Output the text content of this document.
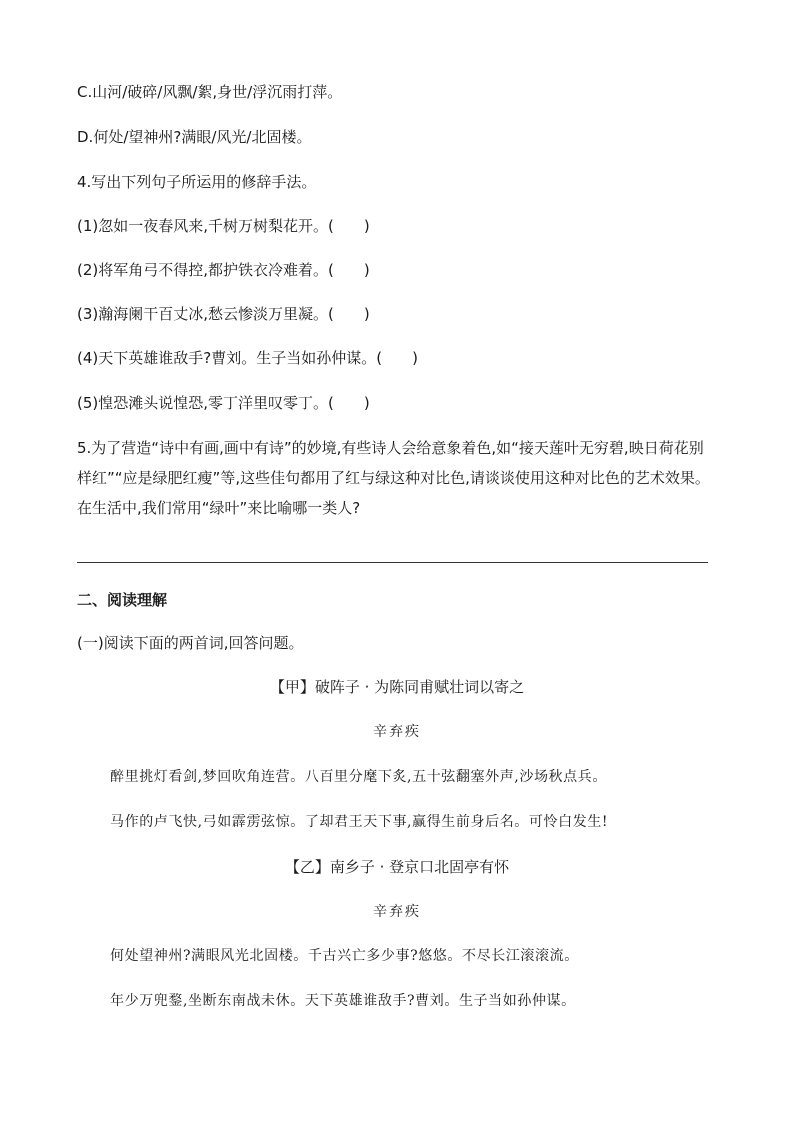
C.山河/破碎/风飘/絮,身世/浮沉雨打萍。
D.何处/望神州?满眼/风光/北固楼。
4.写出下列句子所运用的修辞手法。
(1)忽如一夜春风来,千树万树梨花开。(　　)
(2)将军角弓不得控,都护铁衣冷难着。(　　)
(3)瀚海阑干百丈冰,愁云惨淡万里凝。(　　)
(4)天下英雄谁敌手?曹刘。生子当如孙仲谋。(　　)
(5)惶恐滩头说惶恐,零丁洋里叹零丁。(　　)
5.为了营造“诗中有画,画中有诗”的妙境,有些诗人会给意象着色,如“接天莲叶无穷碧,映日荷花别样红”“应是绿肥红瘦”等,这些佳句都用了红与绿这种对比色,请谈谈使用这种对比色的艺术效果。在生活中,我们常用“绿叶”来比喻哪一类人?
二、阅读理解
(一)阅读下面的两首词,回答问题。
【甲】破阵子 · 为陈同甫赋壮词以寄之
辛弃疾
醉里挑灯看剑,梦回吹角连营。八百里分麾下炙,五十弦翻塞外声,沙场秋点兵。
马作的卢飞快,弓如霹雳弦惊。了却君王天下事,赢得生前身后名。可怜白发生!
【乙】南乡子 · 登京口北固亭有怀
辛弃疾
何处望神州?满眼风光北固楼。千古兴亡多少事?悠悠。不尽长江滚滚流。
年少万兜鍪,坐断东南战未休。天下英雄谁敌手?曹刘。生子当如孙仲谋。
